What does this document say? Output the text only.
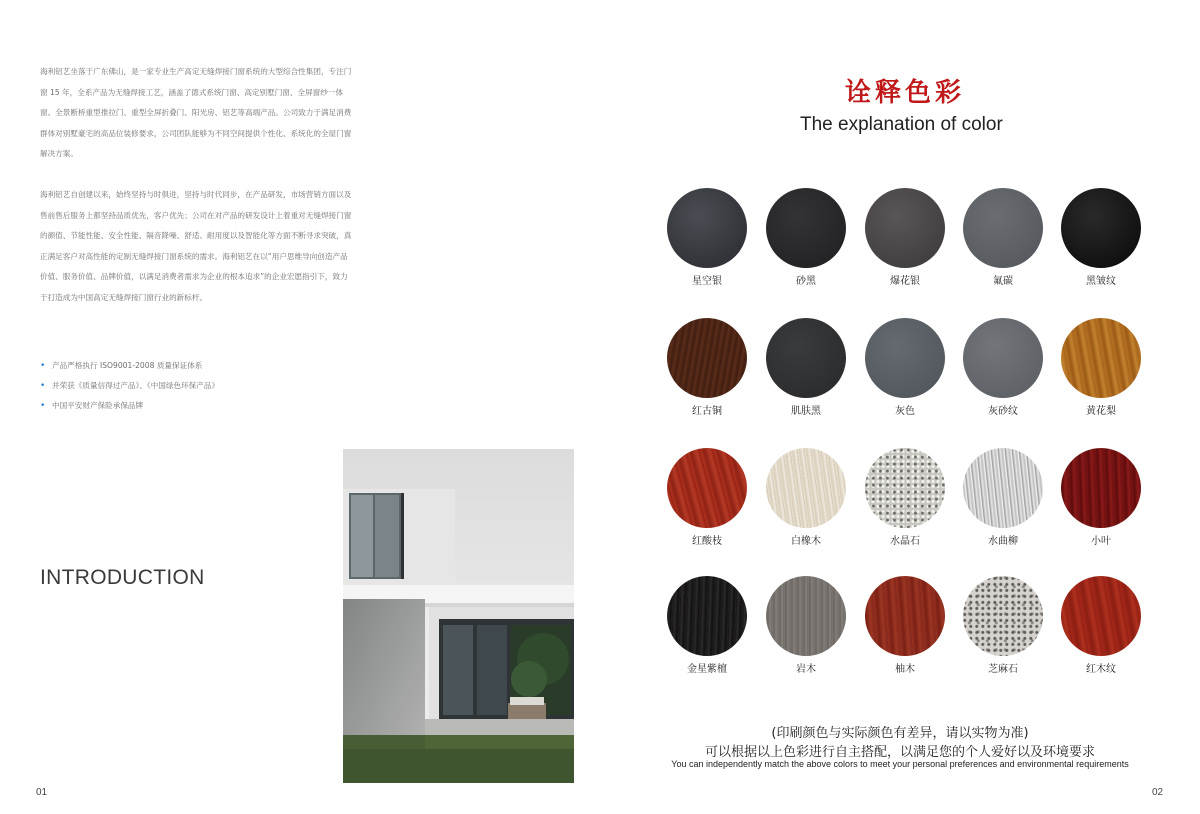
海利铝艺坐落于广东佛山，是一家专业生产高定无缝焊接门窗系统的大型综合性集团，专注门窗 15 年，全系产品为无缝焊接工艺，涵盖了德式系统门窗、高定别墅门窗、全屏窗纱一体窗、全景断桥重型推拉门、重型全屏折叠门、阳光房、铝艺等高端产品。公司致力于满足消费群体对别墅豪宅的高品位装修要求，公司团队能够为不同空间提供个性化、系统化的全屋门窗解决方案。

海利铝艺自创建以来，始终坚持与时俱进，坚持与时代同步，在产品研发，市场营销方面以及售前售后服务上都坚持品质优先，客户优先；公司在对产品的研发设计上着重对无缝焊接门窗的颜值、节能性能、安全性能、隔音降噪、舒适、耐用度以及智能化等方面不断寻求突破，真正满足客户对高性能的定制无缝焊接门窗系统的需求。海利铝艺在以“用户思维导向创造产品价值、服务价值、品牌价值，以满足消费者需求为企业的根本追求”的企业宏愿指引下，致力于打造成为中国高定无缝焊接门窗行业的新标杆。

• 产品严格执行 ISO9001-2008 质量保证体系
• 并荣获《质量信得过产品》、《中国绿色环保产品》
• 中国平安财产保险承保品牌
INTRODUCTION
01
诠释色彩
The explanation of color
星空银	砂黑	爆花银	氟碳	黑皱纹
红古铜	肌肤黑	灰色	灰砂纹	黄花梨
红酸枝	白橡木	水晶石	水曲柳	小叶
金星紫檀	岩木	柚木	芝麻石	红木纹

(印刷颜色与实际颜色有差异，请以实物为准)

可以根据以上色彩进行自主搭配，以满足您的个人爱好以及环境要求

You can independently match the above colors to meet your personal preferences and environmental requirements

02
